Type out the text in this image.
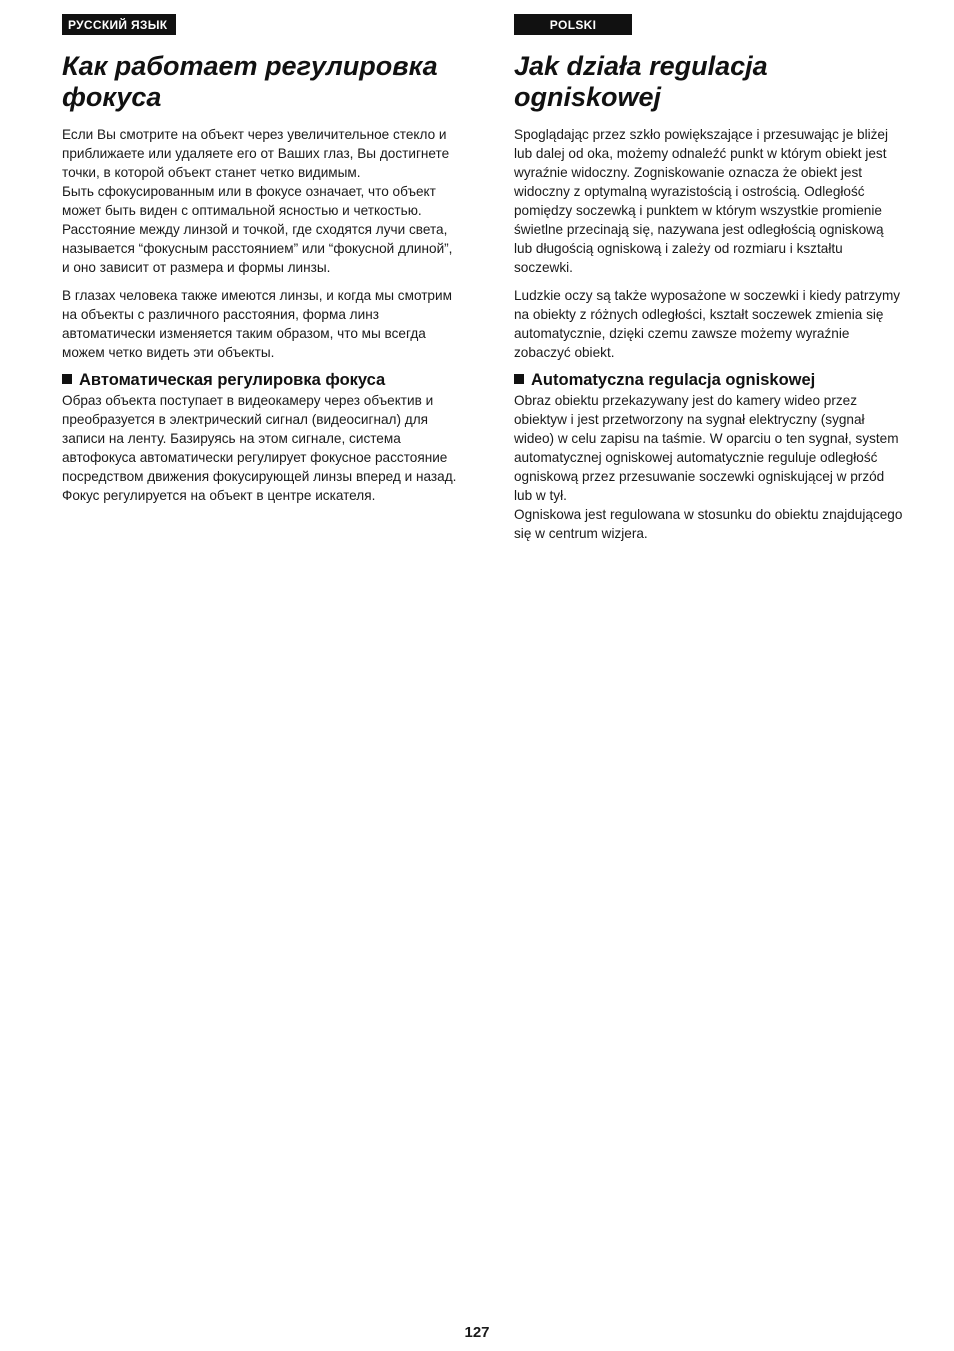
РУССКИЙ ЯЗЫК
Как работает регулировка фокуса

Если Вы смотрите на объект через увеличительное стекло и приближаете или удаляете его от Ваших глаз, Вы достигнете точки, в которой объект станет четко видимым.

Быть сфокусированным или в фокусе означает, что объект может быть виден с оптимальной ясностью и четкостью. Расстояние между линзой и точкой, где сходятся лучи света, называется “фокусным расстоянием” или “фокусной длиной”, и оно зависит от размера и формы линзы.

В глазах человека также имеются линзы, и когда мы смотрим на объекты с различного расстояния, форма линз автоматически изменяется таким образом, что мы всегда можем четко видеть эти объекты.

Автоматическая регулировка фокуса

Образ объекта поступает в видеокамеру через объектив и преобразуется в электрический сигнал (видеосигнал) для записи на ленту. Базируясь на этом сигнале, система автофокуса автоматически регулирует фокусное расстояние посредством движения фокусирующей линзы вперед и назад.

Фокус регулируется на объект в центре искателя.

POLSKI
Jak działa regulacja ogniskowej

Spoglądając przez szkło powiększające i przesuwając je bliżej lub dalej od oka, możemy odnaleźć punkt w którym obiekt jest wyraźnie widoczny. Zogniskowanie oznacza że obiekt jest widoczny z optymalną wyrazistością i ostrością. Odległość pomiędzy soczewką i punktem w którym wszystkie promienie świetlne przecinają się, nazywana jest odległością ogniskową lub długością ogniskową i zależy od rozmiaru i kształtu soczewki.

Ludzkie oczy są także wyposażone w soczewki i kiedy patrzymy na obiekty z różnych odległości, kształt soczewek zmienia się automatycznie, dzięki czemu zawsze możemy wyraźnie zobaczyć obiekt.

Automatyczna regulacja ogniskowej

Obraz obiektu przekazywany jest do kamery wideo przez obiektyw i jest przetworzony na sygnał elektryczny (sygnał wideo) w celu zapisu na taśmie. W oparciu o ten sygnał, system automatycznej ogniskowej automatycznie reguluje odległość ogniskową przez przesuwanie soczewki ogniskującej w przód lub w tył.

Ogniskowa jest regulowana w stosunku do obiektu znajdującego się w centrum wizjera.

127
